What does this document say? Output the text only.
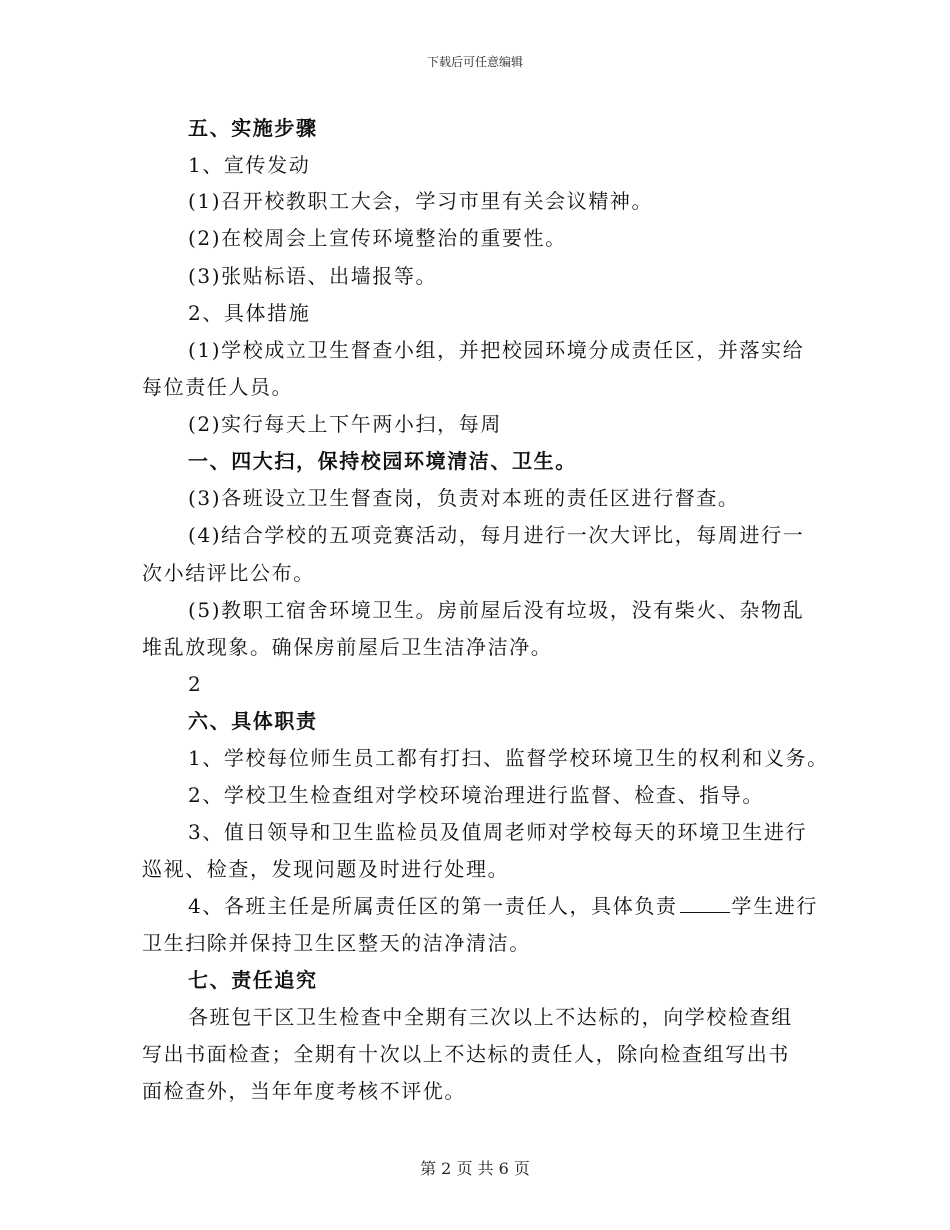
下载后可任意编辑
五、实施步骤
1、宣传发动
(1)召开校教职工大会，学习市里有关会议精神。
(2)在校周会上宣传环境整治的重要性。
(3)张贴标语、出墙报等。
2、具体措施
(1)学校成立卫生督查小组，并把校园环境分成责任区，并落实给
每位责任人员。
(2)实行每天上下午两小扫，每周
一、四大扫，保持校园环境清洁、卫生。
(3)各班设立卫生督查岗，负责对本班的责任区进行督查。
(4)结合学校的五项竞赛活动，每月进行一次大评比，每周进行一
次小结评比公布。
(5)教职工宿舍环境卫生。房前屋后没有垃圾，没有柴火、杂物乱
堆乱放现象。确保房前屋后卫生洁净洁净。
2
六、具体职责
1、学校每位师生员工都有打扫、监督学校环境卫生的权利和义务。
2、学校卫生检查组对学校环境治理进行监督、检查、指导。
3、值日领导和卫生监检员及值周老师对学校每天的环境卫生进行
巡视、检查，发现问题及时进行处理。
4、各班主任是所属责任区的第一责任人，具体负责	学生进行
卫生扫除并保持卫生区整天的洁净清洁。
七、责任追究
各班包干区卫生检查中全期有三次以上不达标的，向学校检查组
写出书面检查；全期有十次以上不达标的责任人，除向检查组写出书
面检查外，当年年度考核不评优。
第 2 页 共 6 页
